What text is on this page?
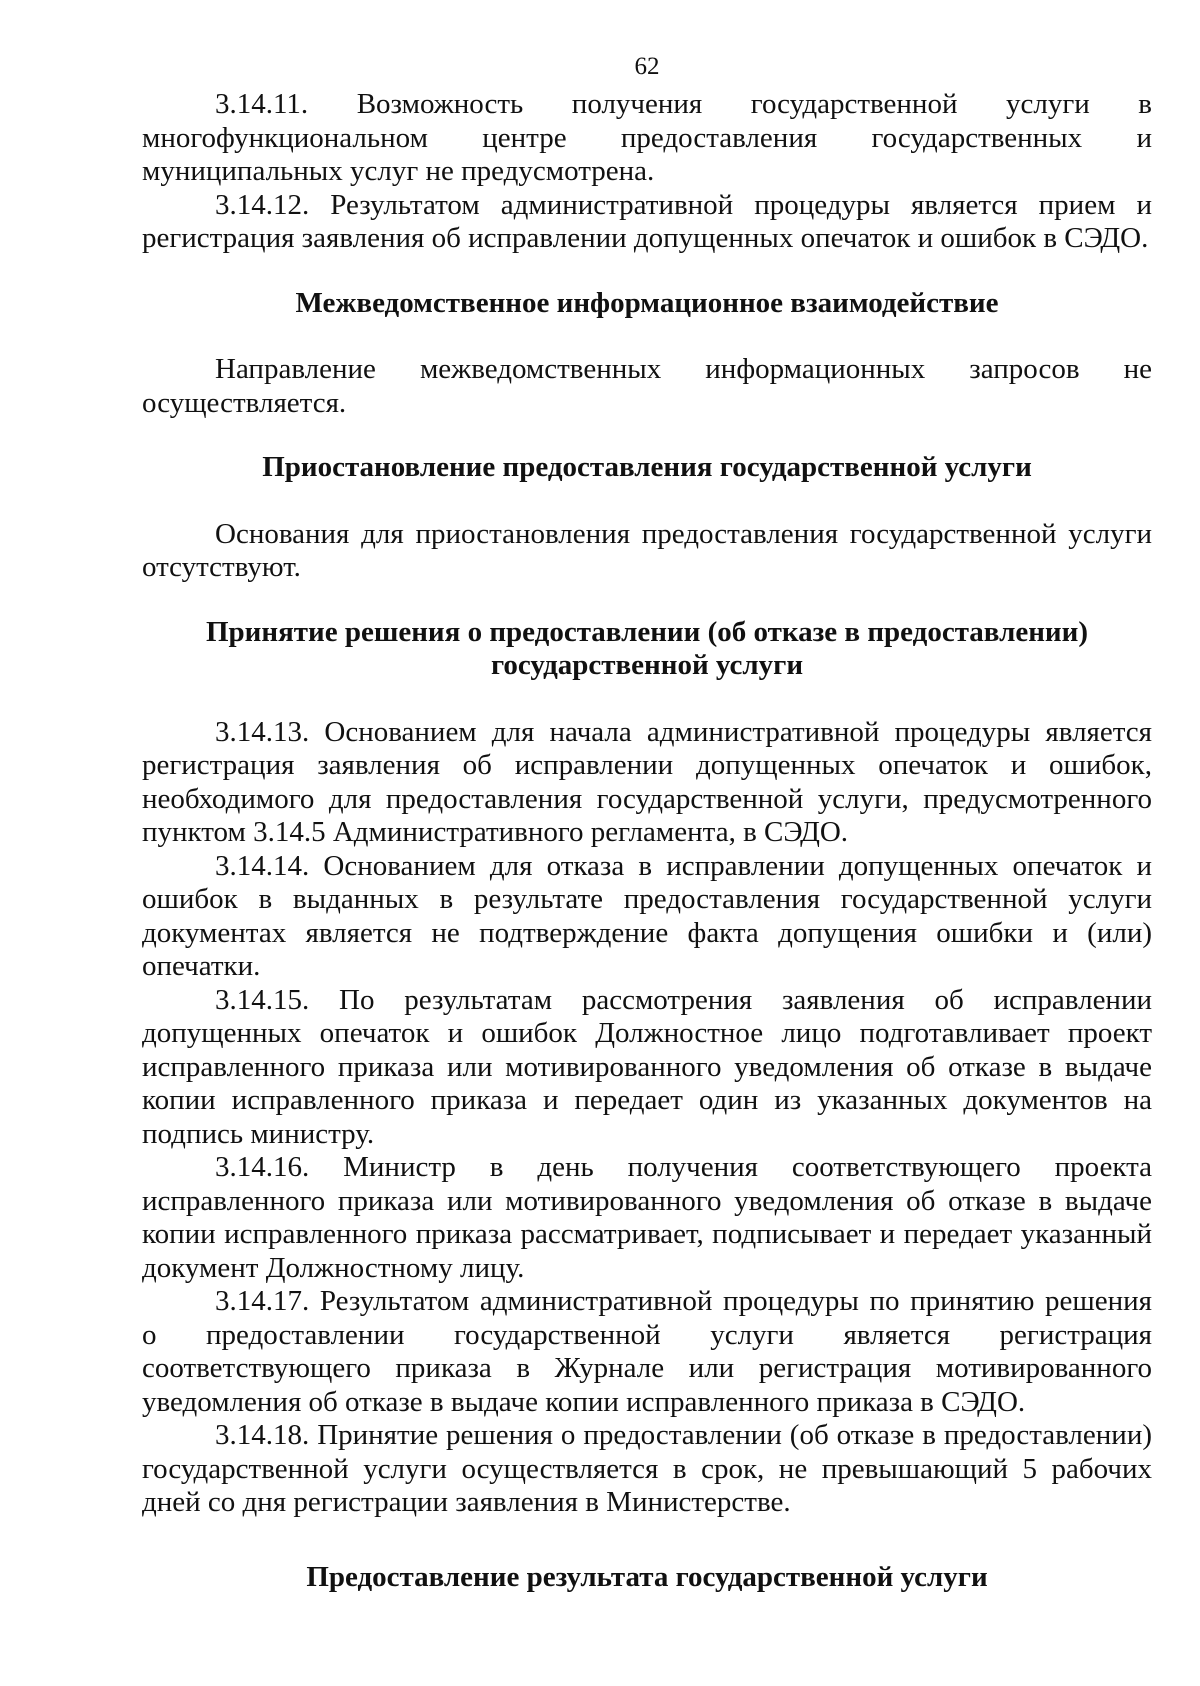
62

3.14.11. Возможность получения государственной услуги в многофункциональном центре предоставления государственных и муниципальных услуг не предусмотрена.

3.14.12. Результатом административной процедуры является прием и регистрация заявления об исправлении допущенных опечаток и ошибок в СЭДО.

Межведомственное информационное взаимодействие

Направление межведомственных информационных запросов не осуществляется.

Приостановление предоставления государственной услуги

Основания для приостановления предоставления государственной услуги отсутствуют.

Принятие решения о предоставлении (об отказе в предоставлении)
государственной услуги

3.14.13. Основанием для начала административной процедуры является регистрация заявления об исправлении допущенных опечаток и ошибок, необходимого для предоставления государственной услуги, предусмотренного пунктом 3.14.5 Административного регламента, в СЭДО.

3.14.14. Основанием для отказа в исправлении допущенных опечаток и ошибок в выданных в результате предоставления государственной услуги документах является не подтверждение факта допущения ошибки и (или) опечатки.

3.14.15. По результатам рассмотрения заявления об исправлении допущенных опечаток и ошибок Должностное лицо подготавливает проект исправленного приказа или мотивированного уведомления об отказе в выдаче копии исправленного приказа и передает один из указанных документов на подпись министру.

3.14.16. Министр в день получения соответствующего проекта исправленного приказа или мотивированного уведомления об отказе в выдаче копии исправленного приказа рассматривает, подписывает и передает указанный документ Должностному лицу.

3.14.17. Результатом административной процедуры по принятию решения о предоставлении государственной услуги является регистрация соответствующего приказа в Журнале или регистрация мотивированного уведомления об отказе в выдаче копии исправленного приказа в СЭДО.

3.14.18. Принятие решения о предоставлении (об отказе в предоставлении) государственной услуги осуществляется в срок, не превышающий 5 рабочих дней со дня регистрации заявления в Министерстве.

Предоставление результата государственной услуги
